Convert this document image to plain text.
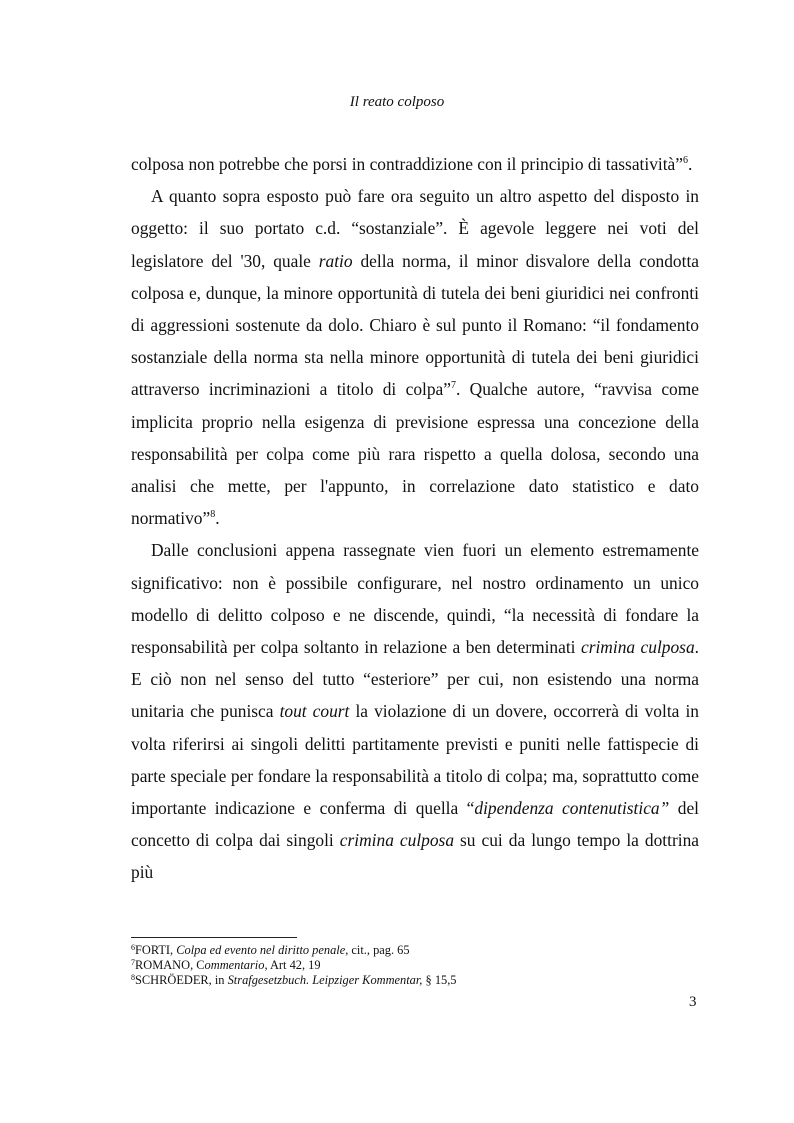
Il reato colposo

colposa non potrebbe che porsi in contraddizione con il principio di tassatività”$^6$.

A quanto sopra esposto può fare ora seguito un altro aspetto del disposto in oggetto: il suo portato c.d. “sostanziale”. È agevole leggere nei voti del legislatore del '30, quale ratio della norma, il minor disvalore della condotta colposa e, dunque, la minore opportunità di tutela dei beni giuridici nei confronti di aggressioni sostenute da dolo. Chiaro è sul punto il Romano: “il fondamento sostanziale della norma sta nella minore opportunità di tutela dei beni giuridici attraverso incriminazioni a titolo di colpa”$^7$. Qualche autore, “ravvisa come implicita proprio nella esigenza di previsione espressa una concezione della responsabilità per colpa come più rara rispetto a quella dolosa, secondo una analisi che mette, per l'appunto, in correlazione dato statistico e dato normativo”$^8$.

Dalle conclusioni appena rassegnate vien fuori un elemento estremamente significativo: non è possibile configurare, nel nostro ordinamento un unico modello di delitto colposo e ne discende, quindi, “la necessità di fondare la responsabilità per colpa soltanto in relazione a ben determinati crimina culposa. E ciò non nel senso del tutto “esteriore” per cui, non esistendo una norma unitaria che punisca tout court la violazione di un dovere, occorrerà di volta in volta riferirsi ai singoli delitti partitamente previsti e puniti nelle fattispecie di parte speciale per fondare la responsabilità a titolo di colpa; ma, soprattutto come importante indicazione e conferma di quella “dipendenza contenutistica” del concetto di colpa dai singoli crimina culposa su cui da lungo tempo la dottrina più

$^6$FORTI, Colpa ed evento nel diritto penale, cit., pag. 65
$^7$ROMANO, Commentario, Art 42, 19
$^8$SCHRÖEDER, in Strafgesetzbuch. Leipziger Kommentar, § 15,5
3
